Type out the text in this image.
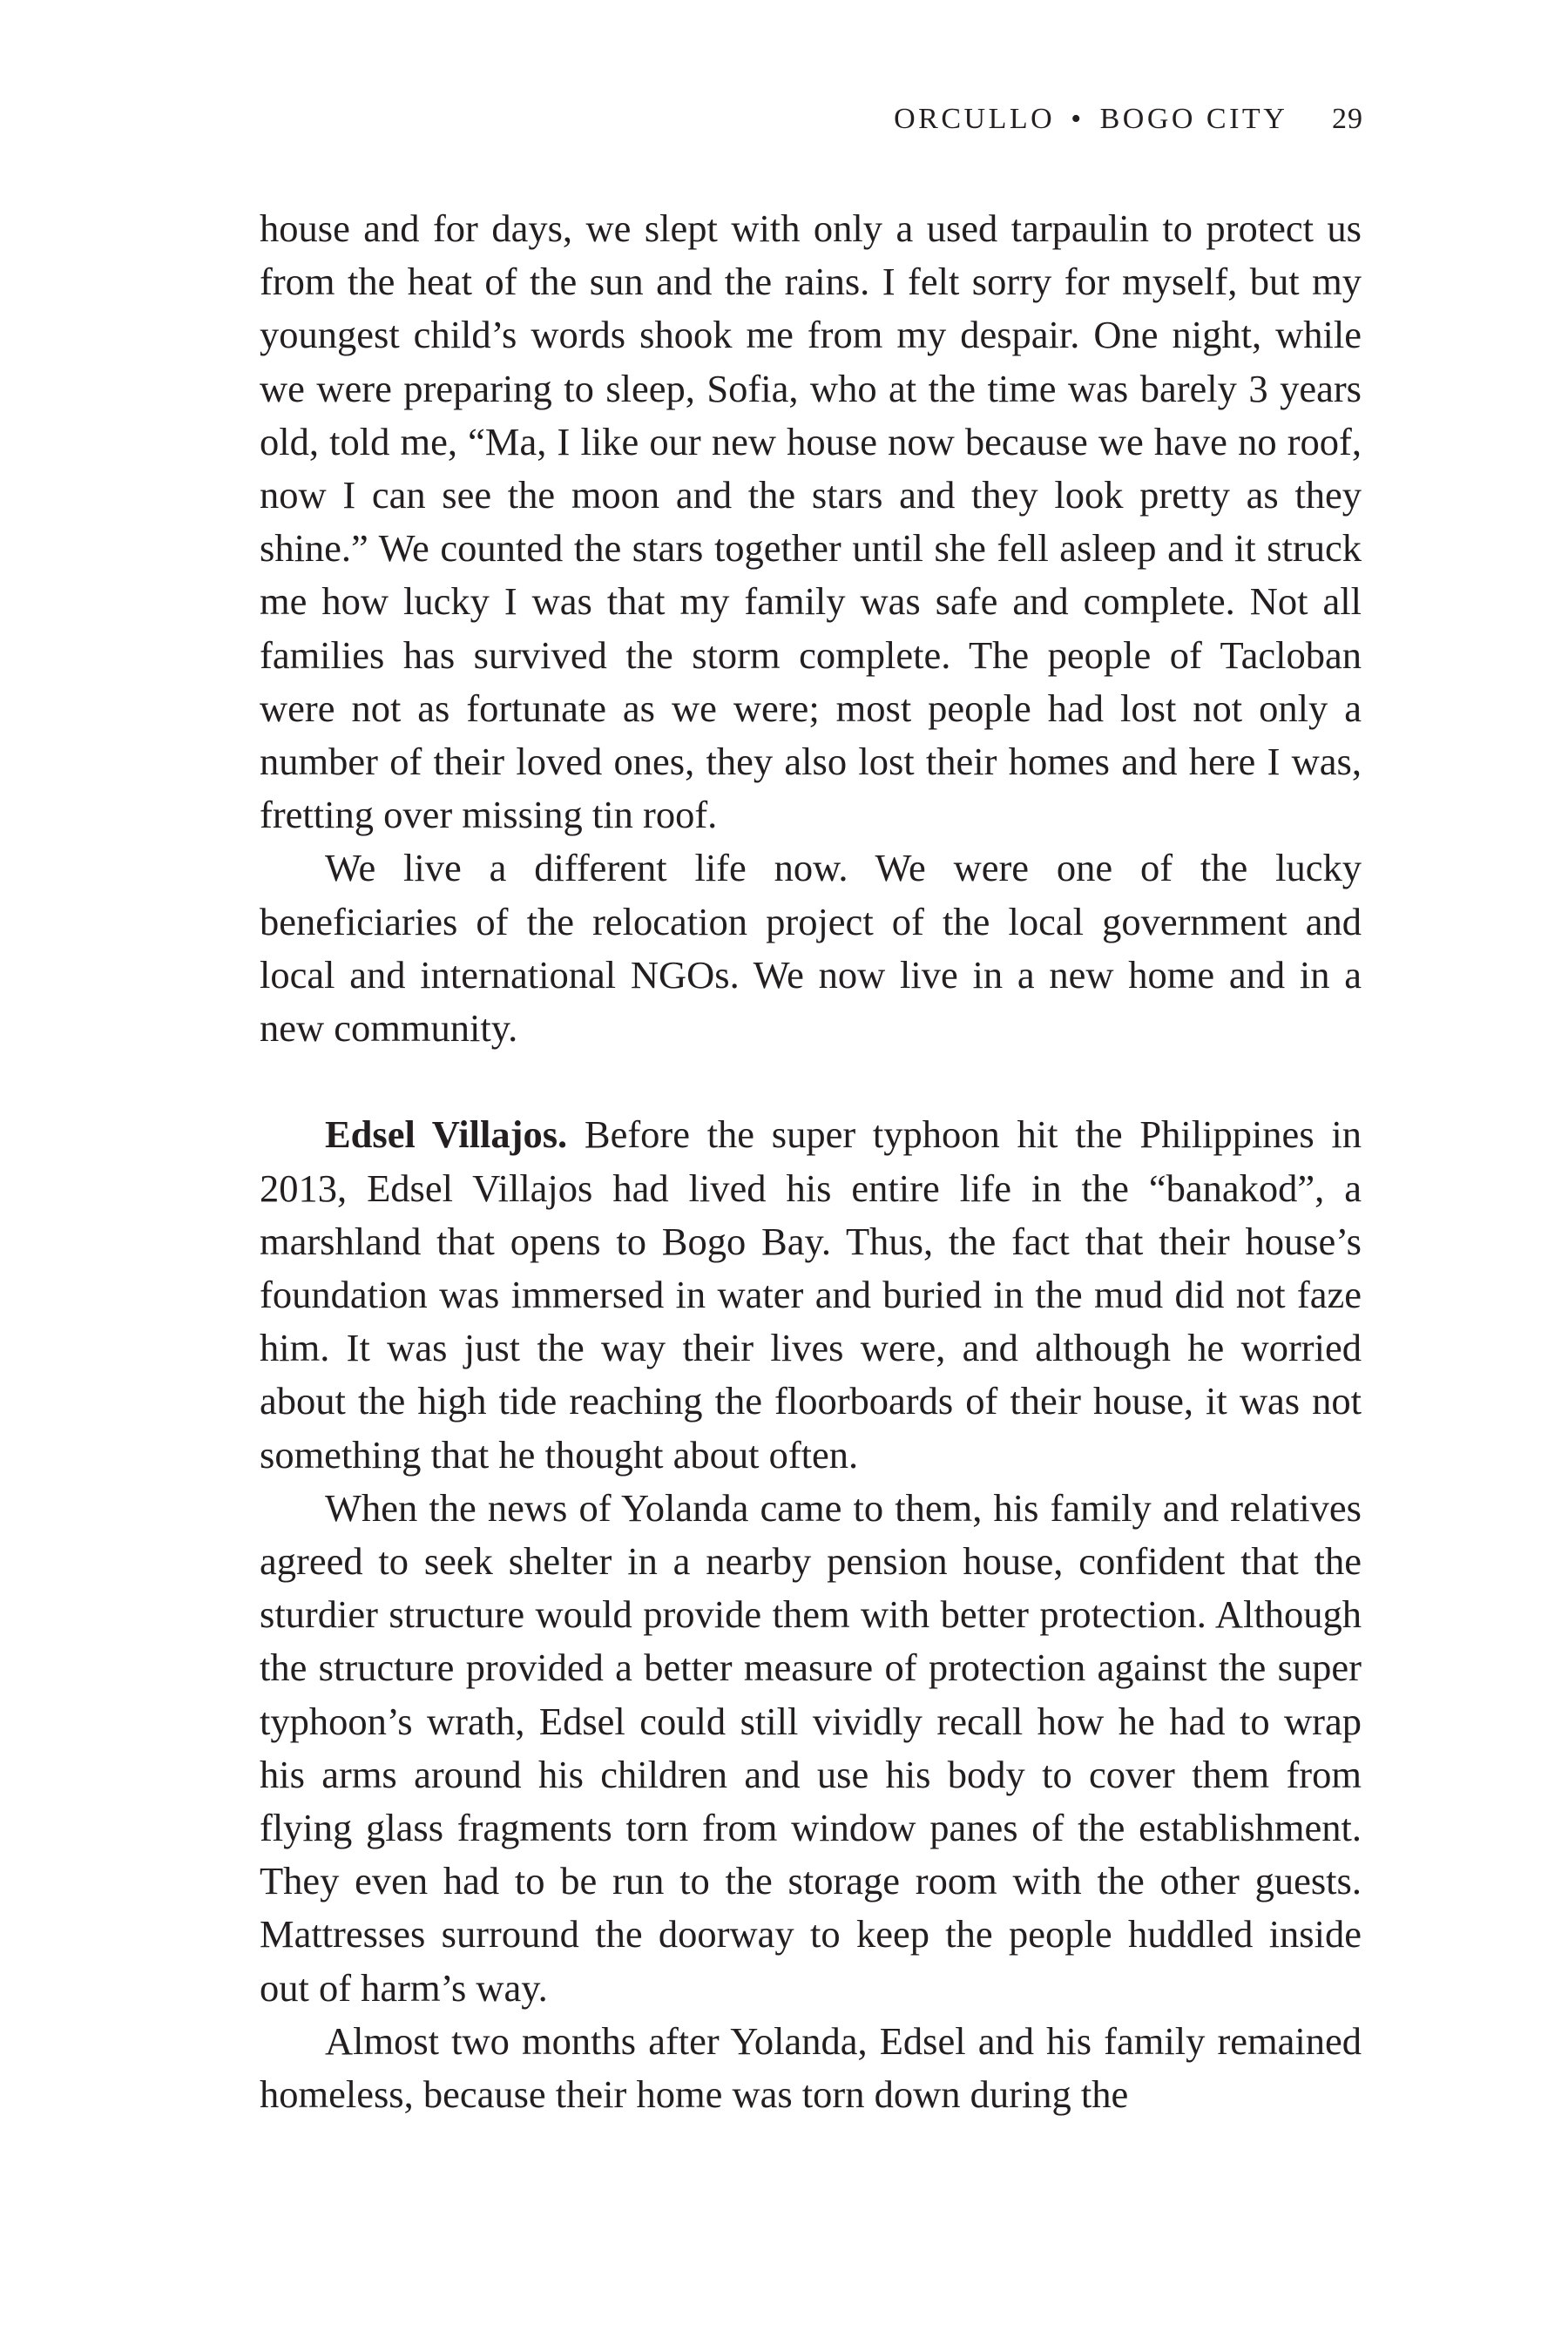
ORCULLO • BOGO CITY 29

house and for days, we slept with only a used tarpaulin to protect us from the heat of the sun and the rains. I felt sorry for myself, but my youngest child’s words shook me from my despair. One night, while we were preparing to sleep, Sofia, who at the time was barely 3 years old, told me, “Ma, I like our new house now because we have no roof, now I can see the moon and the stars and they look pretty as they shine.” We counted the stars together until she fell asleep and it struck me how lucky I was that my family was safe and complete. Not all families has survived the storm complete. The people of Tacloban were not as fortunate as we were; most people had lost not only a number of their loved ones, they also lost their homes and here I was, fretting over missing tin roof.

We live a different life now. We were one of the lucky beneficiaries of the relocation project of the local government and local and international NGOs. We now live in a new home and in a new community.

Edsel Villajos. Before the super typhoon hit the Philippines in 2013, Edsel Villajos had lived his entire life in the “banakod”, a marshland that opens to Bogo Bay. Thus, the fact that their house’s foundation was immersed in water and buried in the mud did not faze him. It was just the way their lives were, and although he worried about the high tide reaching the floorboards of their house, it was not something that he thought about often.

When the news of Yolanda came to them, his family and relatives agreed to seek shelter in a nearby pension house, confident that the sturdier structure would provide them with better protection. Although the structure provided a better measure of protection against the super typhoon’s wrath, Edsel could still vividly recall how he had to wrap his arms around his children and use his body to cover them from flying glass fragments torn from window panes of the establishment. They even had to be run to the storage room with the other guests. Mattresses surround the doorway to keep the people huddled inside out of harm’s way.

Almost two months after Yolanda, Edsel and his family remained homeless, because their home was torn down during the
